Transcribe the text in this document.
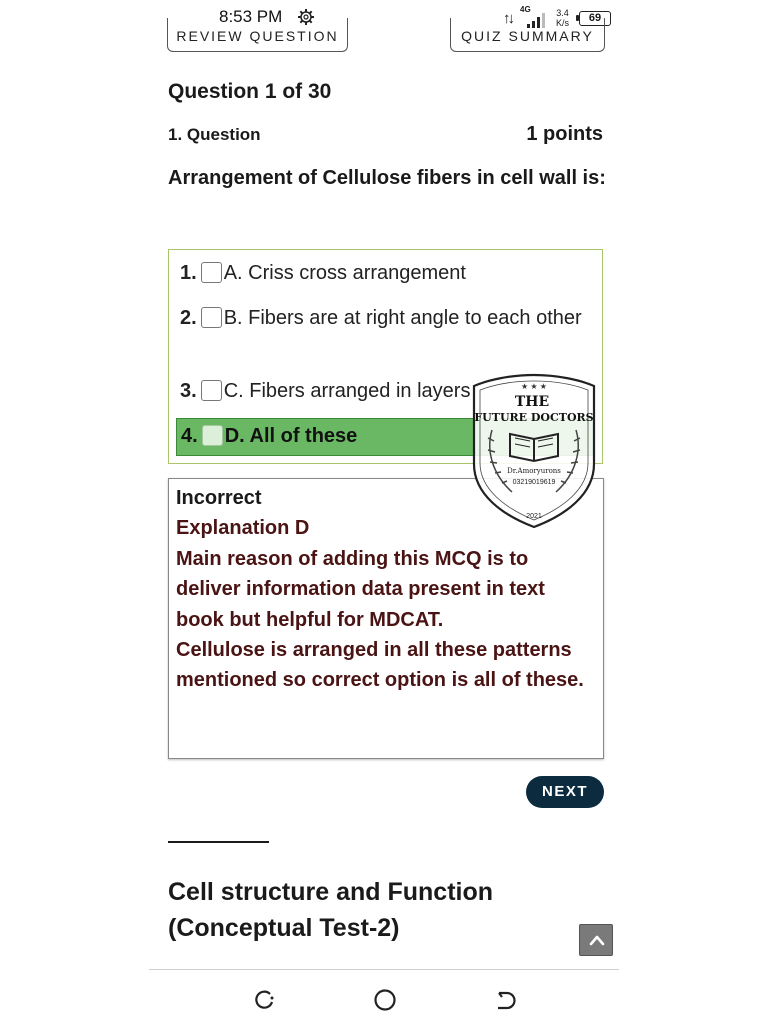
8:53 PM	↑↓ 4G	3.4
K/s	69
REVIEW QUESTION	QUIZ SUMMARY
Question 1 of 30
1. Question	1 points
Arrangement of Cellulose fibers in cell wall is:
1. A. Criss cross arrangement
2. B. Fibers are at right angle to each other
3. C. Fibers arranged in layers
4. D. All of these
Incorrect
Explanation D

Main reason of adding this MCQ is to deliver information data present in text book but helpful for MDCAT.

Cellulose is arranged in all these patterns mentioned so correct option is all of these.

★ ★ ★
THE
FUTURE DOCTORS
Dr.Amoryurons
03219019619
2021
NEXT
Cell structure and Function (Conceptual Test-2)
